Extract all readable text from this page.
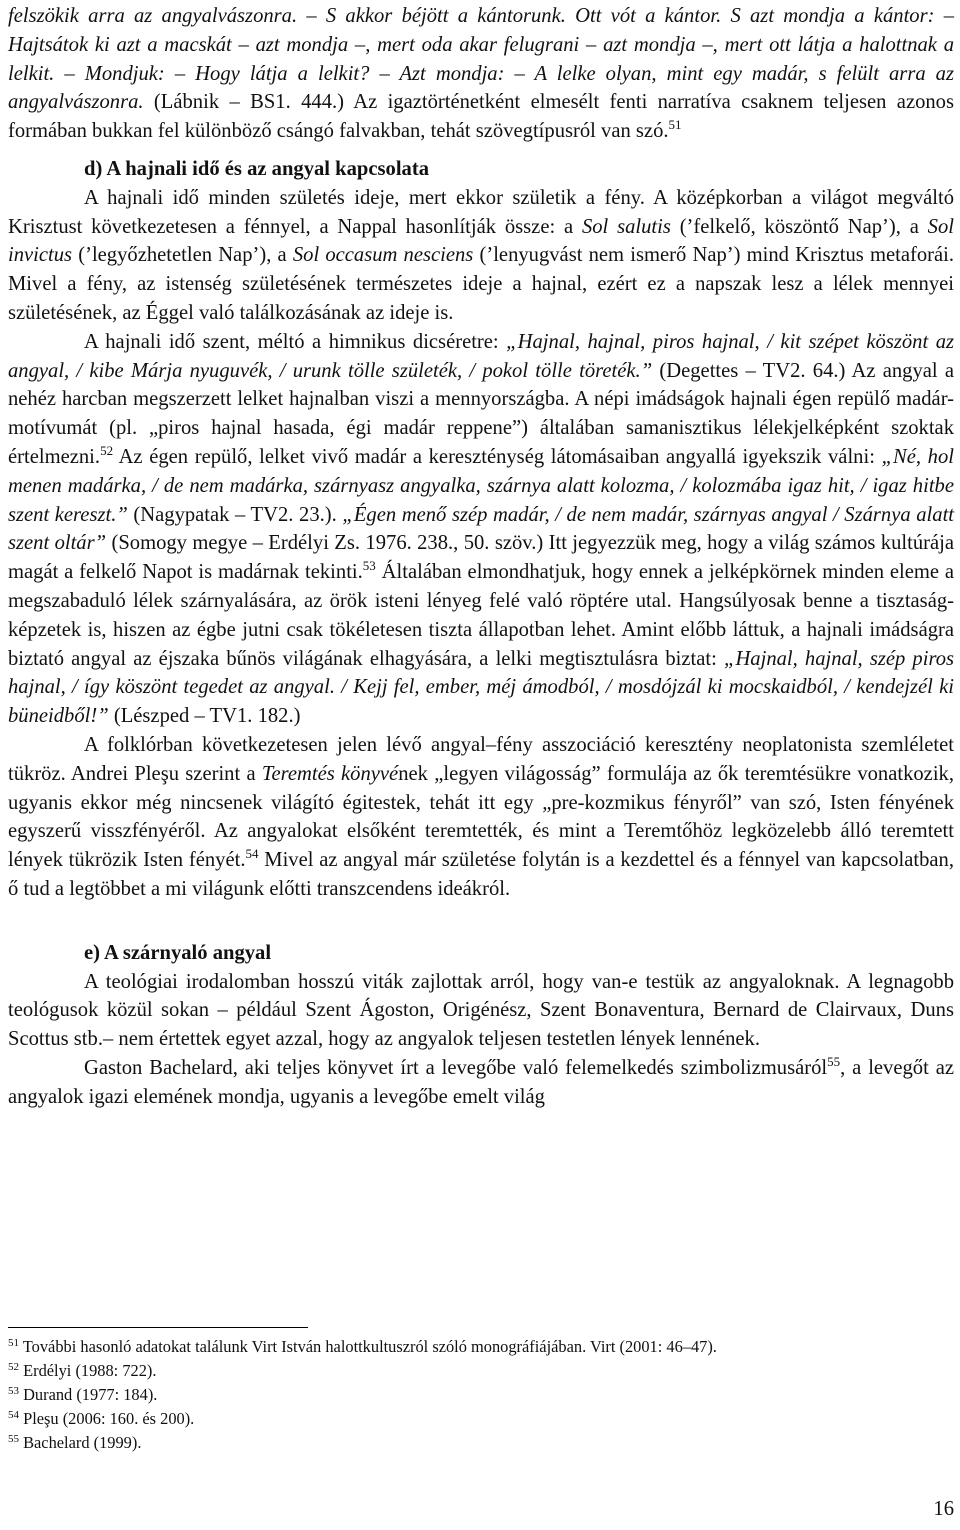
felszökik arra az angyalvászonra. – S akkor béjött a kántorunk. Ott vót a kántor. S azt mondja a kántor: – Hajtsátok ki azt a macskát – azt mondja –, mert oda akar felugrani – azt mondja –, mert ott látja a halottnak a lelkit. – Mondjuk: – Hogy látja a lelkit? – Azt mondja: – A lelke olyan, mint egy madár, s felült arra az angyalvászonra. (Lábnik – BS1. 444.) Az igaztörténetként elmesélt fenti narratíva csaknem teljesen azonos formában bukkan fel különböző csángó falvakban, tehát szövegtípusról van szó.$^{51}$

d) A hajnali idő és az angyal kapcsolata

A hajnali idő minden születés ideje, mert ekkor születik a fény. A középkorban a világot megváltó Krisztust következetesen a fénnyel, a Nappal hasonlítják össze: a Sol salutis (’felkelő, köszöntő Nap’), a Sol invictus (’legyőzhetetlen Nap’), a Sol occasum nesciens (’lenyugvást nem ismerő Nap’) mind Krisztus metaforái. Mivel a fény, az istenség születésének természetes ideje a hajnal, ezért ez a napszak lesz a lélek mennyei születésének, az Éggel való találkozásának az ideje is.

A hajnali idő szent, méltó a himnikus dicséretre: „Hajnal, hajnal, piros hajnal, / kit szépet köszönt az angyal, / kibe Márja nyuguvék, / urunk tölle születék, / pokol tölle töreték.” (Degettes – TV2. 64.) Az angyal a nehéz harcban megszerzett lelket hajnalban viszi a mennyországba. A népi imádságok hajnali égen repülő madár-motívumát (pl. „piros hajnal hasada, égi madár reppene”) általában samanisztikus lélekjelképként szoktak értelmezni.$^{52}$ Az égen repülő, lelket vivő madár a kereszténység látomásaiban angyallá igyekszik válni: „Né, hol menen madárka, / de nem madárka, szárnyasz angyalka, szárnya alatt kolozma, / kolozmába igaz hit, / igaz hitbe szent kereszt.” (Nagypatak – TV2. 23.). „Égen menő szép madár, / de nem madár, szárnyas angyal / Szárnya alatt szent oltár” (Somogy megye – Erdélyi Zs. 1976. 238., 50. szöv.) Itt jegyezzük meg, hogy a világ számos kultúrája magát a felkelő Napot is madárnak tekinti.$^{53}$ Általában elmondhatjuk, hogy ennek a jelképkörnek minden eleme a megszabaduló lélek szárnyalására, az örök isteni lényeg felé való röptére utal. Hangsúlyosak benne a tisztaság-képzetek is, hiszen az égbe jutni csak tökéletesen tiszta állapotban lehet. Amint előbb láttuk, a hajnali imádságra biztató angyal az éjszaka bűnös világának elhagyására, a lelki megtisztulásra biztat: „Hajnal, hajnal, szép piros hajnal, / így köszönt tegedet az angyal. / Kejj fel, ember, méj ámodból, / mosdójzál ki mocskaidból, / kendejzél ki büneidből!” (Lészped – TV1. 182.)

A folklórban következetesen jelen lévő angyal–fény asszociáció keresztény neoplatonista szemléletet tükröz. Andrei Pleşu szerint a Teremtés könyvének „legyen világosság” formulája az ők teremtésükre vonatkozik, ugyanis ekkor még nincsenek világító égitestek, tehát itt egy „pre-kozmikus fényről” van szó, Isten fényének egyszerű visszfényéről. Az angyalokat elsőként teremtették, és mint a Teremtőhöz legközelebb álló teremtett lények tükrözik Isten fényét.$^{54}$ Mivel az angyal már születése folytán is a kezdettel és a fénnyel van kapcsolatban, ő tud a legtöbbet a mi világunk előtti transzcendens ideákról.

e) A szárnyaló angyal

A teológiai irodalomban hosszú viták zajlottak arról, hogy van-e testük az angyaloknak. A legnagobb teológusok közül sokan – például Szent Ágoston, Origénész, Szent Bonaventura, Bernard de Clairvaux, Duns Scottus stb.– nem értettek egyet azzal, hogy az angyalok teljesen testetlen lények lennének.

Gaston Bachelard, aki teljes könyvet írt a levegőbe való felemelkedés szimbolizmusáról$^{55}$, a levegőt az angyalok igazi elemének mondja, ugyanis a levegőbe emelt világ

$^{51}$ További hasonló adatokat találunk Virt István halottkultuszról szóló monográfiájában. Virt (2001: 46–47).
$^{52}$ Erdélyi (1988: 722).
$^{53}$ Durand (1977: 184).
$^{54}$ Pleşu (2006: 160. és 200).
$^{55}$ Bachelard (1999).
16
